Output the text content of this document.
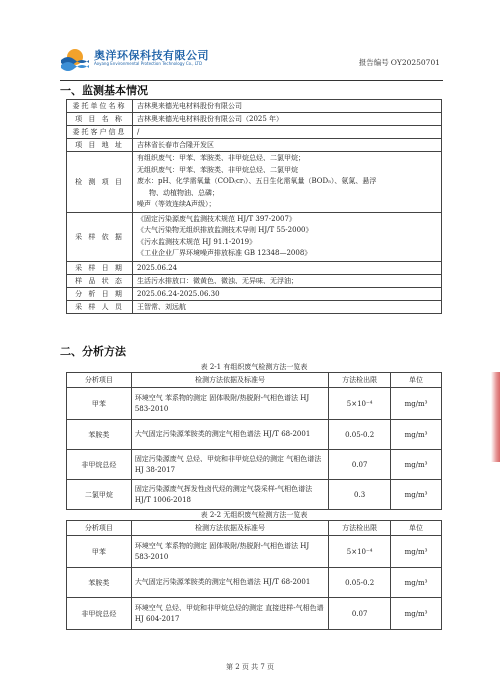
奥洋环保科技有限公司
Aoyang Environmental Protection Technology Co., LTD	报告编号 OY20250701
一、监测基本情况
委托单位名称	吉林奥来德光电材料股份有限公司
项 目 名 称	吉林奥来德光电材料股份有限公司（2025 年）
委托客户信息	/
项 目 地 址	吉林省长春市合隆开发区
检 测 项 目	有组织废气：甲苯、苯胺类、非甲烷总烃、二氯甲烷；
无组织废气：甲苯、苯胺类、非甲烷总烃、二氯甲烷
废水：pH、化学需氧量（COD₍cr₎）、五日生化需氧量（BOD₅）、氨氮、悬浮
物、动植物油、总磷；
噪声（等效连续A声级）；

采 样 依 据	《固定污染源废气监测技术规范 HJ/T 397-2007》
《大气污染物无组织排放监测技术导则 HJ/T 55-2000》
《污水监测技术规范 HJ 91.1-2019》
《工业企业厂界环境噪声排放标准 GB 12348—2008》

采 样 日 期	2025.06.24
样 品 状 态	生活污水排放口：微黄色、微浊、无异味、无浮油；
分 析 日 期	2025.06.24-2025.06.30
采 样 人 员	王智常、刘远航
二、分析方法
表 2-1 有组织废气检测方法一览表
分析项目	检测方法依据及标准号	方法检出限	单位
甲苯	环境空气 苯系物的测定 固体吸附/热脱附-气相色谱法 HJ 583-2010	5×10⁻⁴	mg/m³
苯胺类	大气固定污染源苯胺类的测定气相色谱法 HJ/T 68-2001	0.05-0.2	mg/m³
非甲烷总烃	固定污染源废气 总烃、甲烷和非甲烷总烃的测定 气相色谱法 HJ 38-2017	0.07	mg/m³
二氯甲烷	固定污染源废气挥发性卤代烃的测定气袋采样-气相色谱法 HJ/T 1006-2018	0.3	mg/m³
表 2-2 无组织废气检测方法一览表
分析项目	检测方法依据及标准号	方法检出限	单位
甲苯	环境空气 苯系物的测定 固体吸附/热脱附-气相色谱法 HJ 583-2010	5×10⁻⁴	mg/m³
苯胺类	大气固定污染源苯胺类的测定气相色谱法 HJ/T 68-2001	0.05-0.2	mg/m³
非甲烷总烃	环境空气 总烃、甲烷和非甲烷总烃的测定 直接进样-气相色谱 HJ 604-2017	0.07	mg/m³
第 2 页 共 7 页
